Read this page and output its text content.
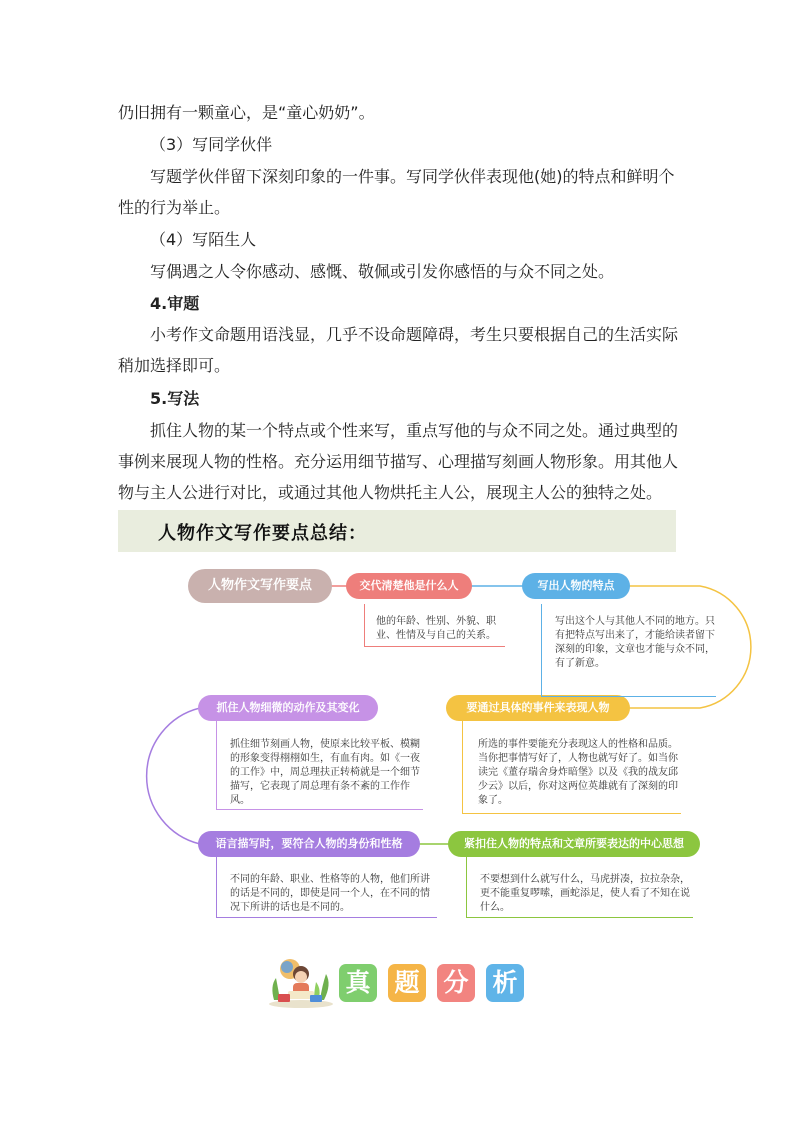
仍旧拥有一颗童心，是“童心奶奶”。

（3）写同学伙伴

写题学伙伴留下深刻印象的一件事。写同学伙伴表现他(她)的特点和鲜明个性的行为举止。

（4）写陌生人

写偶遇之人令你感动、感慨、敬佩或引发你感悟的与众不同之处。

4.审题

小考作文命题用语浅显，几乎不设命题障碍，考生只要根据自己的生活实际稍加选择即可。

5.写法

抓住人物的某一个特点或个性来写，重点写他的与众不同之处。通过典型的事例来展现人物的性格。充分运用细节描写、心理描写刻画人物形象。用其他人物与主人公进行对比，或通过其他人物烘托主人公，展现主人公的独特之处。

人物作文写作要点总结：
人物作文写作要点	交代清楚他是什么人	写出人物的特点
要通过具体的事件来表现人物
抓住人物细微的动作及其变化
语言描写时，要符合人物的身份和性格	紧扣住人物的特点和文章所要表达的中心思想
他的年龄、性别、外貌、职业、性情及与自己的关系。
写出这个人与其他人不同的地方。只有把特点写出来了，才能给读者留下深刻的印象，文章也才能与众不同，有了新意。
所选的事件要能充分表现这人的性格和品质。当你把事情写好了，人物也就写好了。如当你读完《董存瑞舍身炸暗堡》以及《我的战友邱少云》以后，你对这两位英雄就有了深刻的印象了。
抓住细节刻画人物，使原来比较平板、模糊的形象变得栩栩如生，有血有肉。如《一夜的工作》中，周总理扶正转椅就是一个细节描写，它表现了周总理有条不紊的工作作风。
不同的年龄、职业、性格等的人物，他们所讲的话是不同的，即使是同一个人，在不同的情况下所讲的话也是不同的。
不要想到什么就写什么，马虎拼凑，拉拉杂杂，更不能重复啰嗦，画蛇添足，使人看了不知在说什么。
真 题 分 析
